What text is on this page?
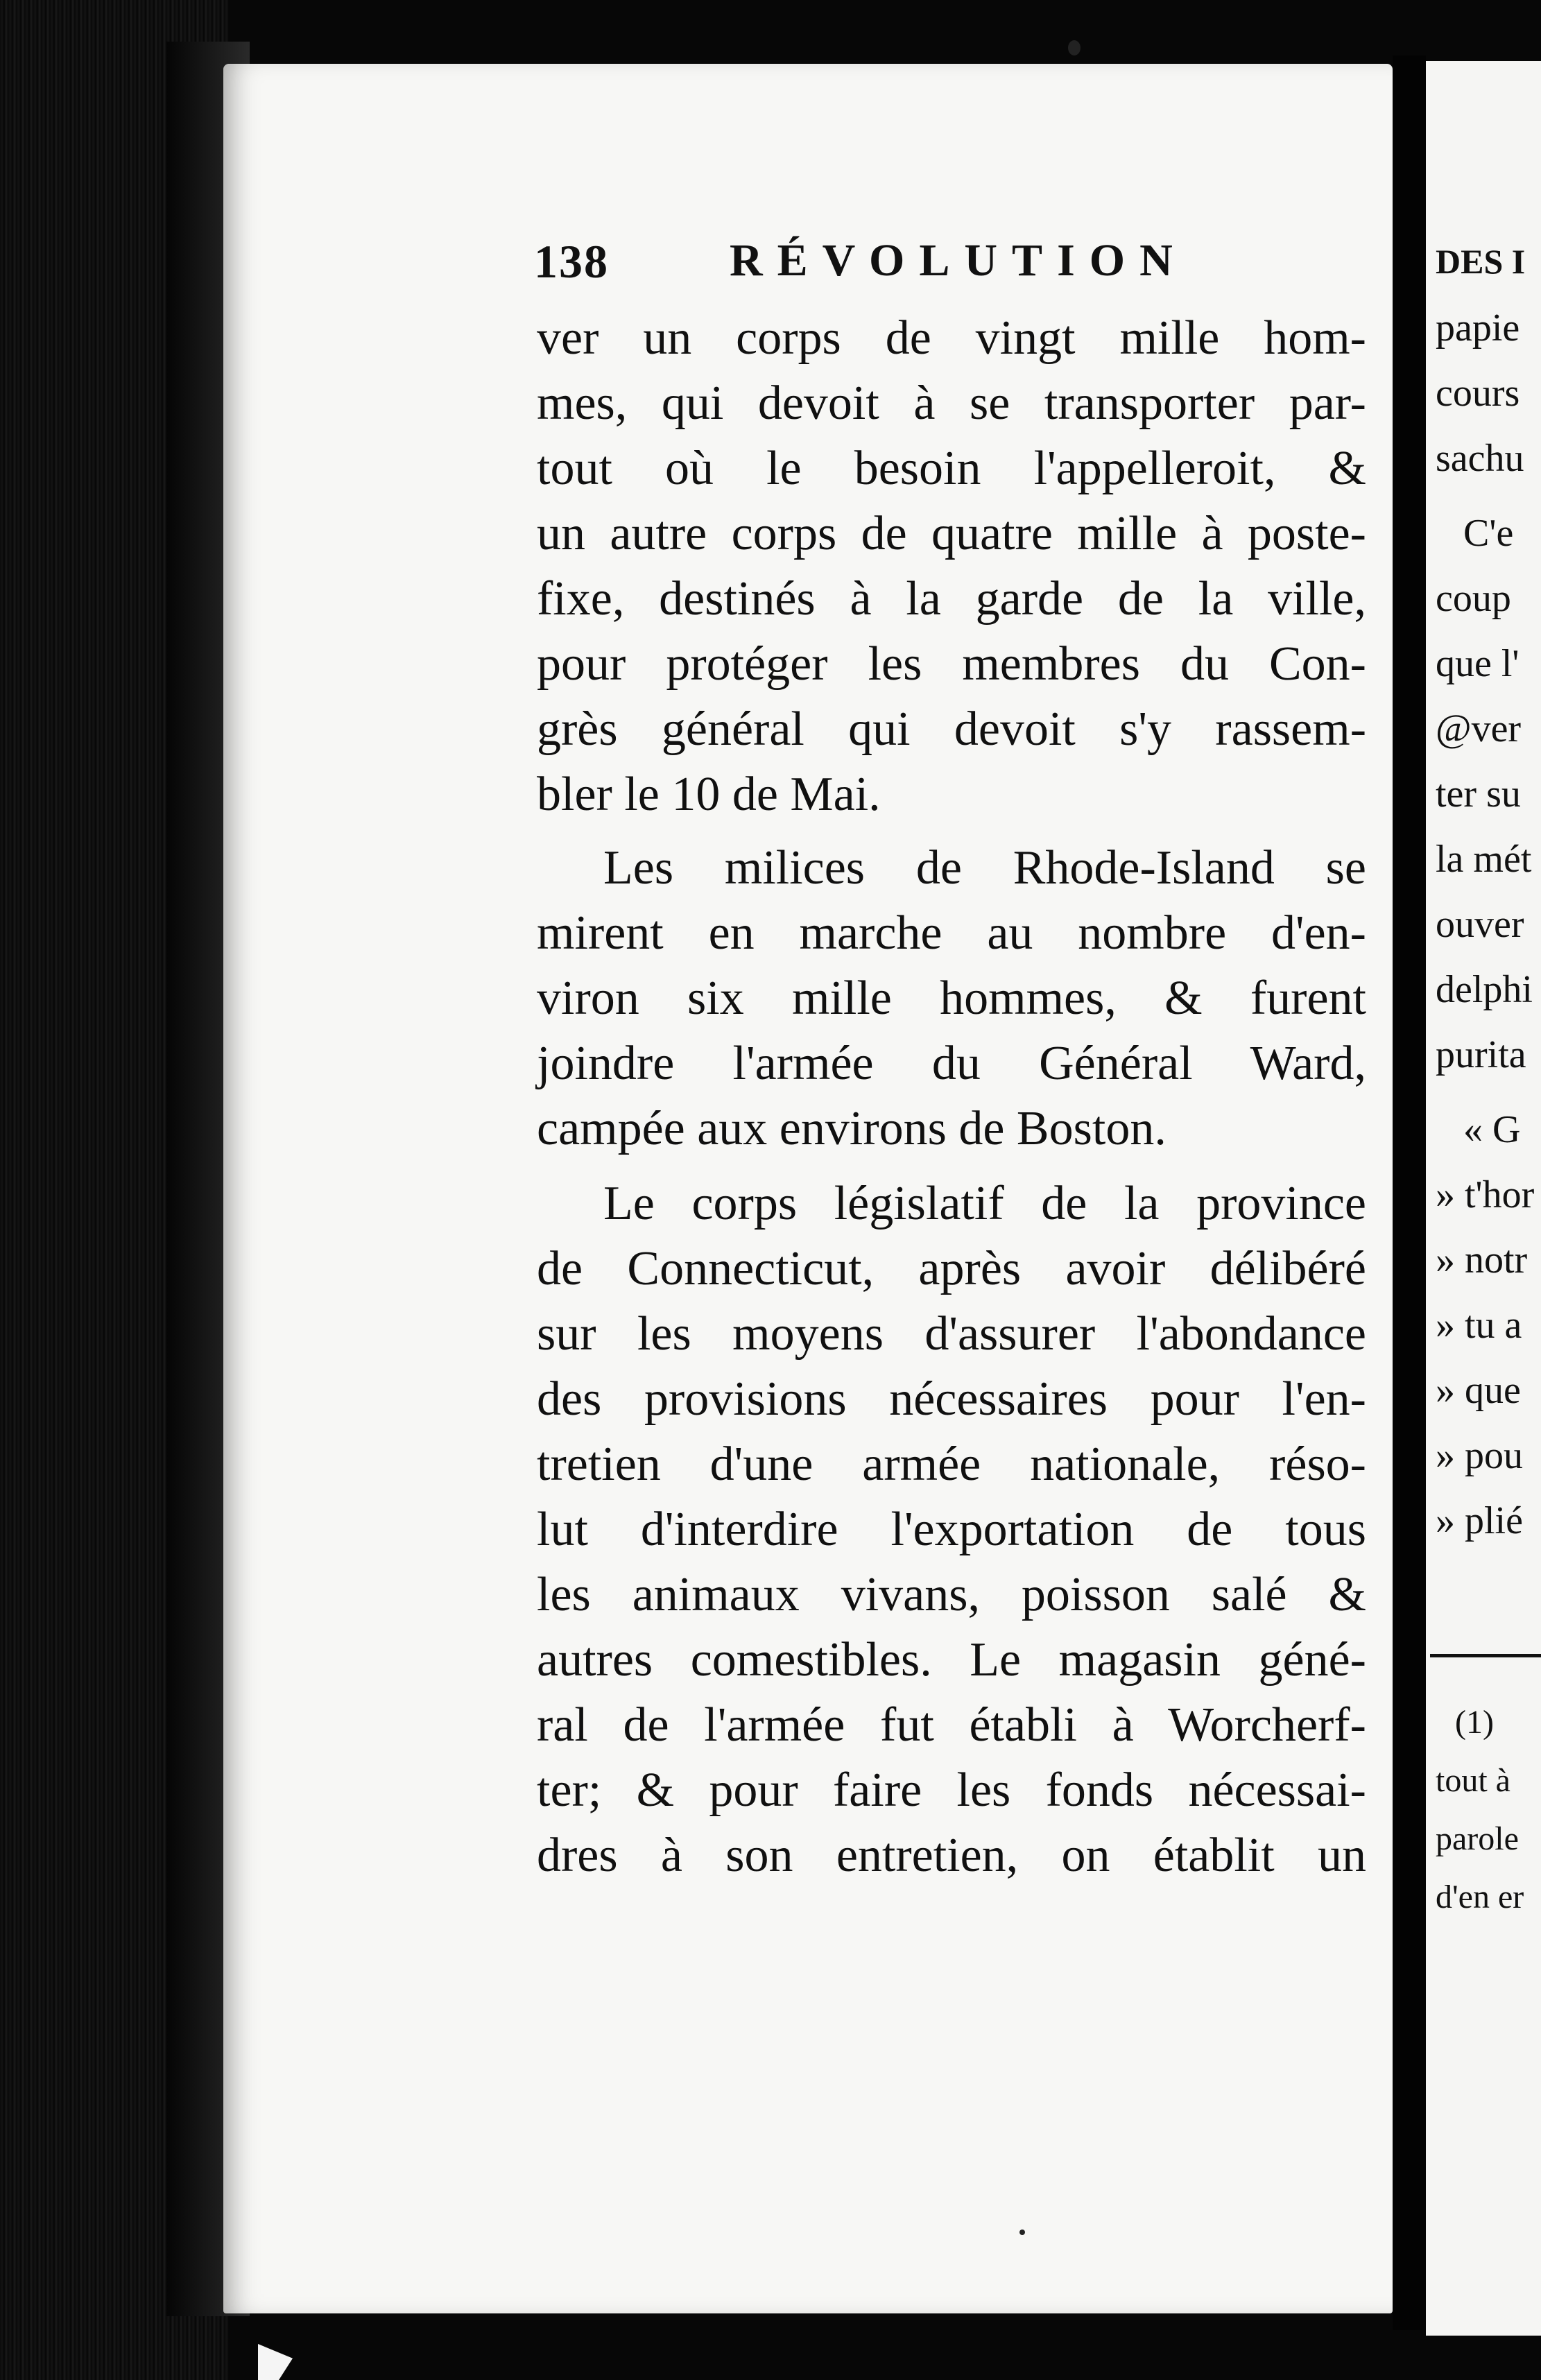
138	RÉVOLUTION
ver un corps de vingt mille hom-
mes, qui devoit à se transporter par-
tout où le besoin l'appelleroit, &
un autre corps de quatre mille à poste-
fixe, destinés à la garde de la ville,
pour protéger les membres du Con-
grès général qui devoit s'y rassem-
bler le 10 de Mai.
Les milices de Rhode-Island se
mirent en marche au nombre d'en-
viron six mille hommes, & furent
joindre l'armée du Général Ward,
campée aux environs de Boston.
Le corps législatif de la province
de Connecticut, après avoir délibéré
sur les moyens d'assurer l'abondance
des provisions nécessaires pour l'en-
tretien d'une armée nationale, réso-
lut d'interdire l'exportation de tous
les animaux vivans, poisson salé &
autres comestibles. Le magasin géné-
ral de l'armée fut établi à Worcherf-
ter; & pour faire les fonds nécessai-
dres à son entretien, on établit un
DES I
papie
cours
sachu
C'e
coup
que l'
@ver
ter su
la mét
ouver
delphi
purita
« G
» t'hor
» notr
» tu a
» que
» pou
» plié
(1)
tout à
parole
d'en er
